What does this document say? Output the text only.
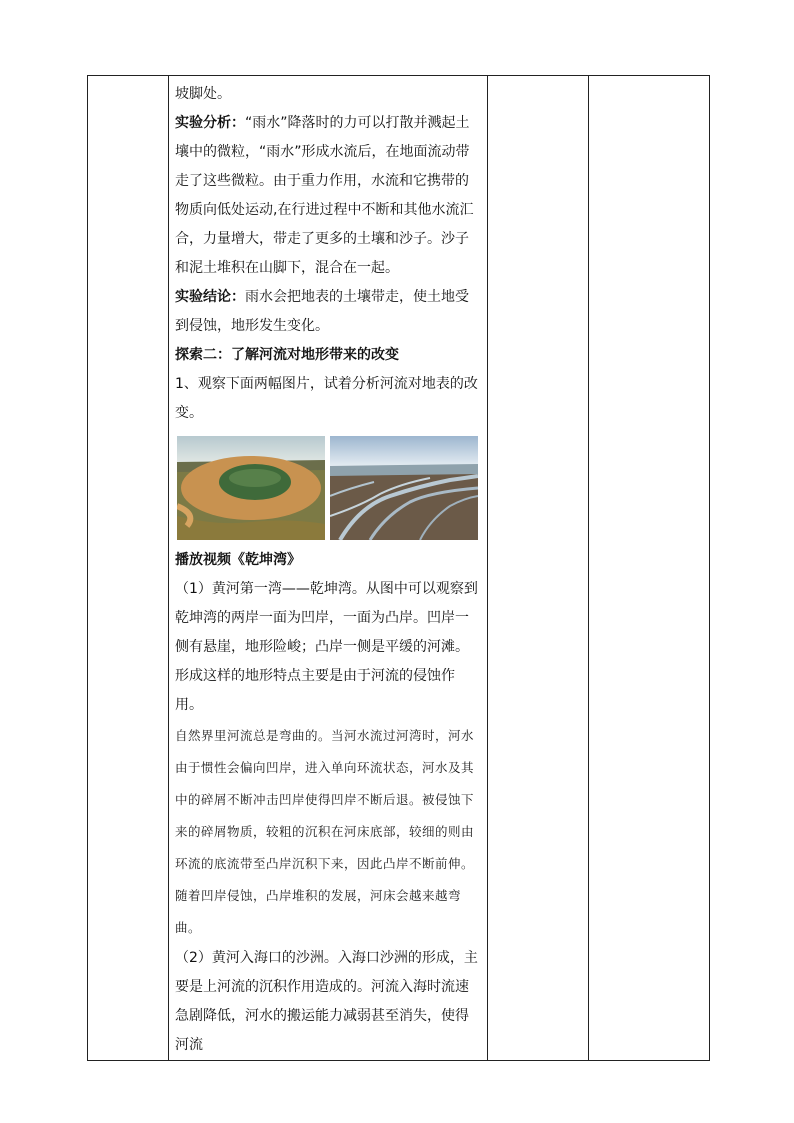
坡脚处。

实验分析：“雨水”降落时的力可以打散并溅起土壤中的微粒，“雨水”形成水流后，在地面流动带走了这些微粒。由于重力作用，水流和它携带的物质向低处运动,在行进过程中不断和其他水流汇合，力量增大，带走了更多的土壤和沙子。沙子和泥土堆积在山脚下，混合在一起。

实验结论：雨水会把地表的土壤带走，使土地受到侵蚀，地形发生变化。

探索二：了解河流对地形带来的改变

1、观察下面两幅图片，试着分析河流对地表的改变。

播放视频《乾坤湾》

（1）黄河第一湾——乾坤湾。从图中可以观察到乾坤湾的两岸一面为凹岸，一面为凸岸。凹岸一侧有悬崖，地形险峻；凸岸一侧是平缓的河滩。形成这样的地形特点主要是由于河流的侵蚀作用。

自然界里河流总是弯曲的。当河水流过河湾时，河水由于惯性会偏向凹岸，进入单向环流状态，河水及其中的碎屑不断冲击凹岸使得凹岸不断后退。被侵蚀下来的碎屑物质，较粗的沉积在河床底部，较细的则由环流的底流带至凸岸沉积下来，因此凸岸不断前伸。随着凹岸侵蚀，凸岸堆积的发展，河床会越来越弯曲。

（2）黄河入海口的沙洲。入海口沙洲的形成，主要是上河流的沉积作用造成的。河流入海时流速急剧降低，河水的搬运能力减弱甚至消失，使得河流
